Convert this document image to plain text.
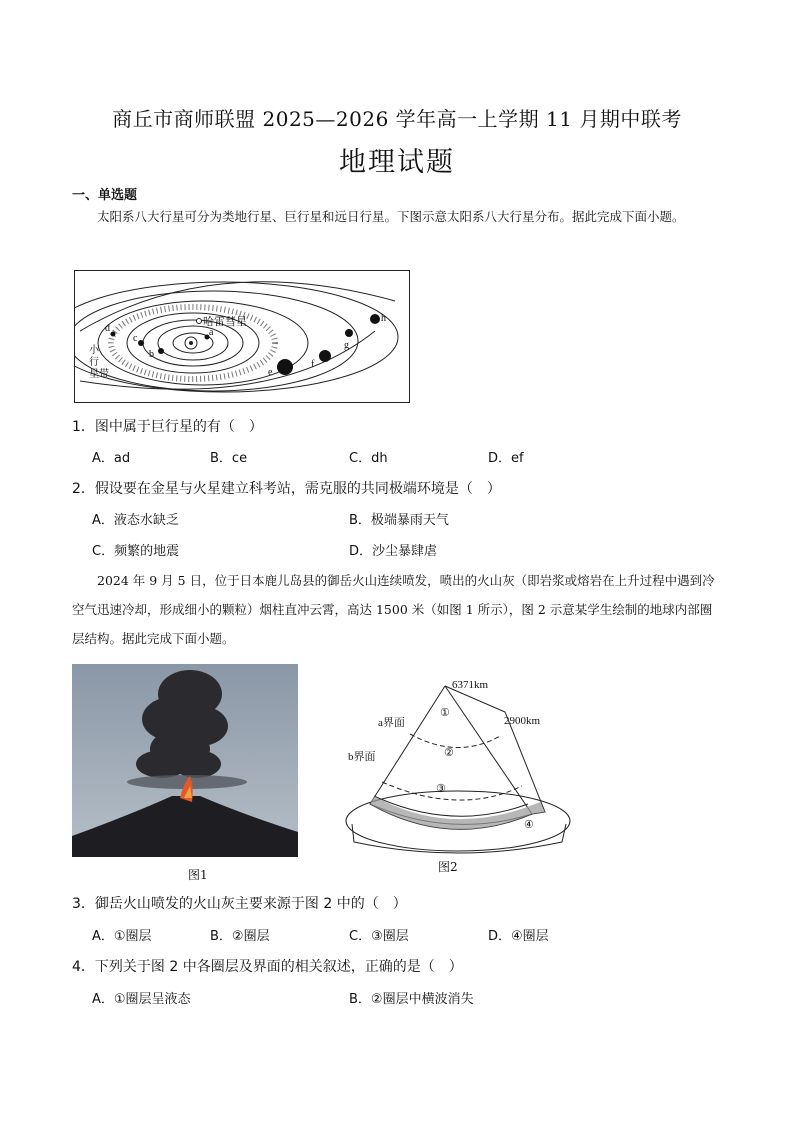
商丘市商师联盟 2025—2026 学年高一上学期 11 月期中联考
地理试题
一、单选题
太阳系八大行星可分为类地行星、巨行星和远日行星。下图示意太阳系八大行星分布。据此完成下面小题。
哈雷彗星
a
b
c
d
e
f
g
h
小
行
星带
1．图中属于巨行星的有（　）
A．ad	B．ce	C．dh	D．ef
2．假设要在金星与火星建立科考站，需克服的共同极端环境是（　）
A．液态水缺乏	B．极端暴雨天气
C．频繁的地震	D．沙尘暴肆虐
2024 年 9 月 5 日，位于日本鹿儿岛县的御岳火山连续喷发，喷出的火山灰（即岩浆或熔岩在上升过程中遇到冷空气迅速冷却，形成细小的颗粒）烟柱直冲云霄，高达 1500 米（如图 1 所示），图 2 示意某学生绘制的地球内部圈层结构。据此完成下面小题。
图1
6371km
2900km
a界面
b界面
①
②
③
④
图2
3．御岳火山喷发的火山灰主要来源于图 2 中的（　）
A．①圈层	B．②圈层	C．③圈层	D．④圈层
4．下列关于图 2 中各圈层及界面的相关叙述，正确的是（　）
A．①圈层呈液态	B．②圈层中横波消失
